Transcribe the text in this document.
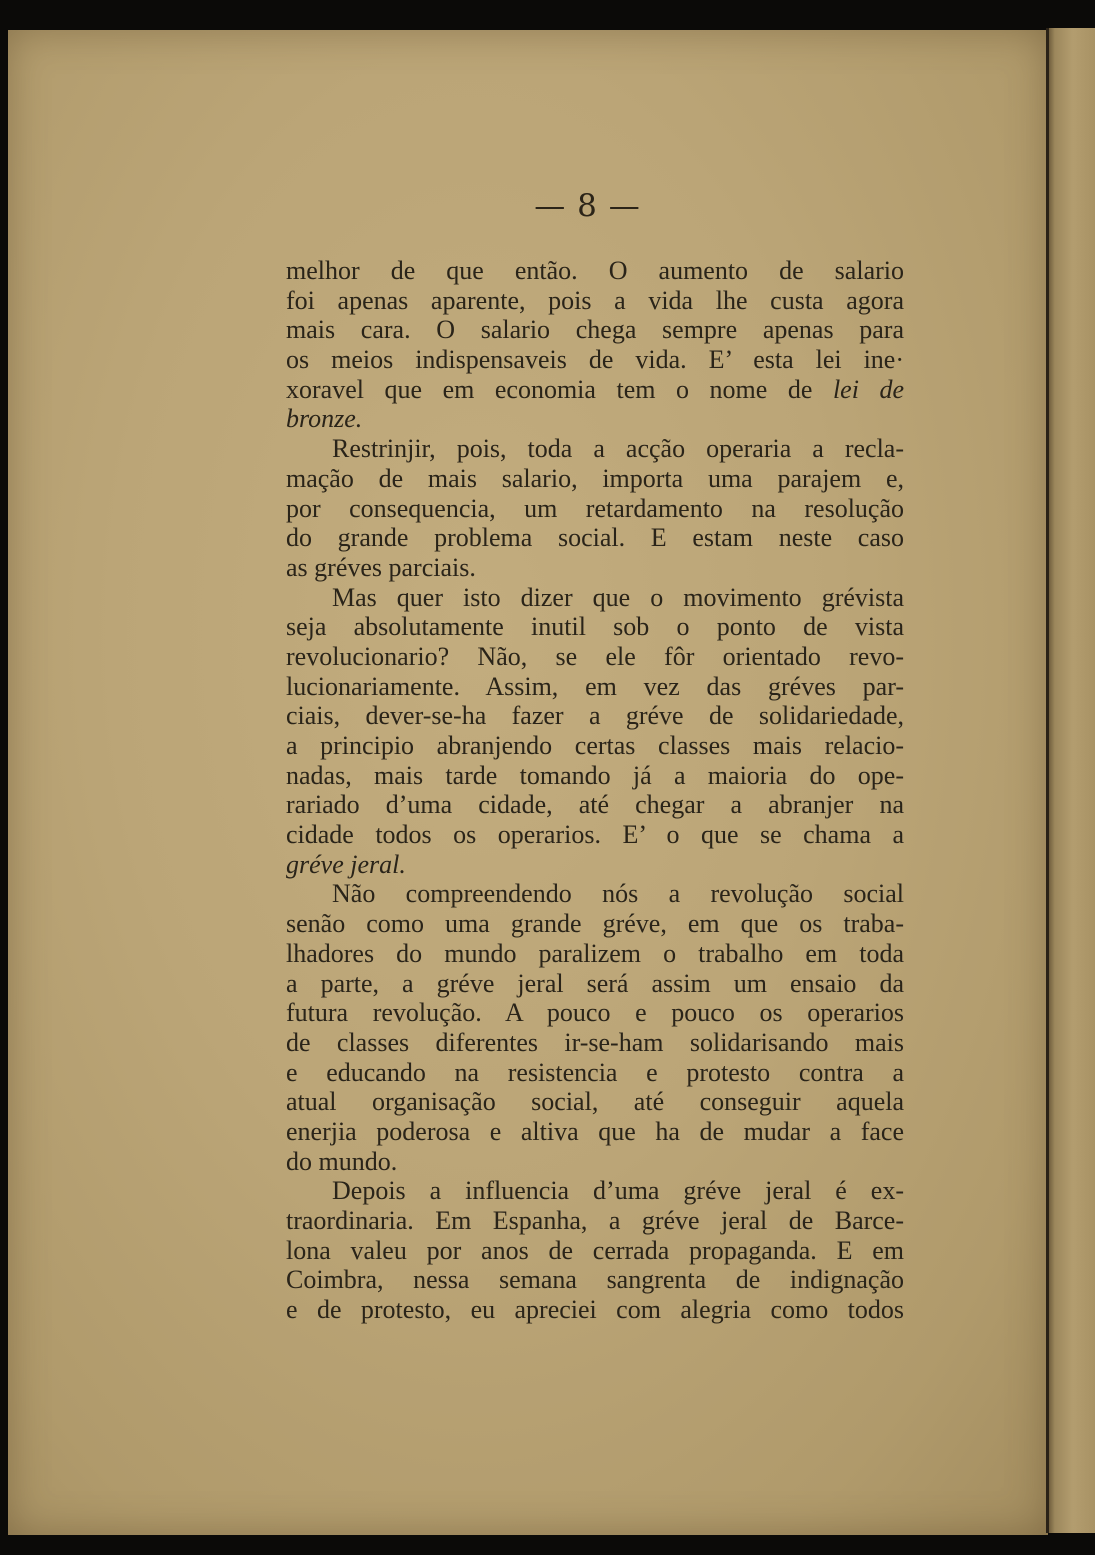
— 8 —
melhor de que então. O aumento de salario
foi apenas aparente, pois a vida lhe custa agora
mais cara. O salario chega sempre apenas para
os meios indispensaveis de vida. E’ esta lei ine·
xoravel que em economia tem o nome de lei de
bronze.
Restrinjir, pois, toda a acção operaria a recla-
mação de mais salario, importa uma parajem e,
por consequencia, um retardamento na resolução
do grande problema social. E estam neste caso
as gréves parciais.
Mas quer isto dizer que o movimento grévista
seja absolutamente inutil sob o ponto de vista
revolucionario? Não, se ele fôr orientado revo-
lucionariamente. Assim, em vez das gréves par-
ciais, dever-se-ha fazer a gréve de solidariedade,
a principio abranjendo certas classes mais relacio-
nadas, mais tarde tomando já a maioria do ope-
rariado d’uma cidade, até chegar a abranjer na
cidade todos os operarios. E’ o que se chama a
gréve jeral.
Não compreendendo nós a revolução social
senão como uma grande gréve, em que os traba-
lhadores do mundo paralizem o trabalho em toda
a parte, a gréve jeral será assim um ensaio da
futura revolução. A pouco e pouco os operarios
de classes diferentes ir-se-ham solidarisando mais
e educando na resistencia e protesto contra a
atual organisação social, até conseguir aquela
enerjia poderosa e altiva que ha de mudar a face
do mundo.
Depois a influencia d’uma gréve jeral é ex-
traordinaria. Em Espanha, a gréve jeral de Barce-
lona valeu por anos de cerrada propaganda. E em
Coimbra, nessa semana sangrenta de indignação
e de protesto, eu apreciei com alegria como todos
